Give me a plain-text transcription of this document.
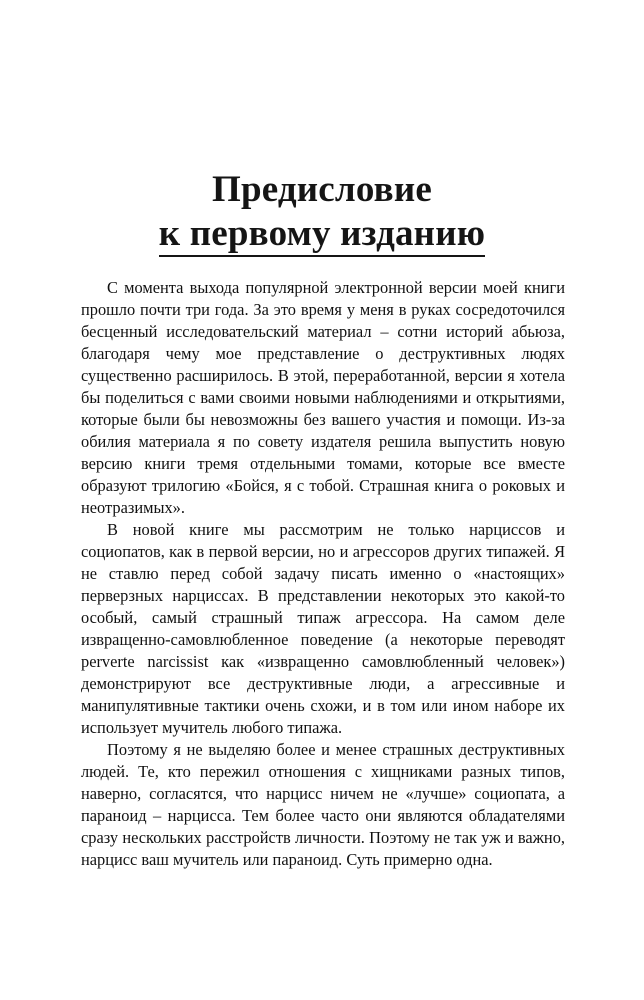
Предисловие
к первому изданию

С момента выхода популярной электронной версии моей книги прошло почти три года. За это время у меня в руках сосредоточился бесценный исследовательский материал – сотни историй абьюза, благодаря чему мое представление о деструктивных людях существенно расширилось. В этой, переработанной, версии я хотела бы поделиться с вами своими новыми наблюдениями и открытиями, которые были бы невозможны без вашего участия и помощи. Из-за обилия материала я по совету издателя решила выпустить новую версию книги тремя отдельными томами, которые все вместе образуют трилогию «Бойся, я с тобой. Страшная книга о роковых и неотразимых».

В новой книге мы рассмотрим не только нарциссов и социопатов, как в первой версии, но и агрессоров других типажей. Я не ставлю перед собой задачу писать именно о «настоящих» перверзных нарциссах. В представлении некоторых это какой-то особый, самый страшный типаж агрессора. На самом деле извращенно-самовлюбленное поведение (а некоторые переводят perverte narcissist как «извращенно самовлюбленный человек») демонстрируют все деструктивные люди, а агрессивные и манипулятивные тактики очень схожи, и в том или ином наборе их использует мучитель любого типажа.

Поэтому я не выделяю более и менее страшных деструктивных людей. Те, кто пережил отношения с хищниками разных типов, наверно, согласятся, что нарцисс ничем не «лучше» социопата, а параноид – нарцисса. Тем более часто они являются обладателями сразу нескольких расстройств личности. Поэтому не так уж и важно, нарцисс ваш мучитель или параноид. Суть примерно одна.
